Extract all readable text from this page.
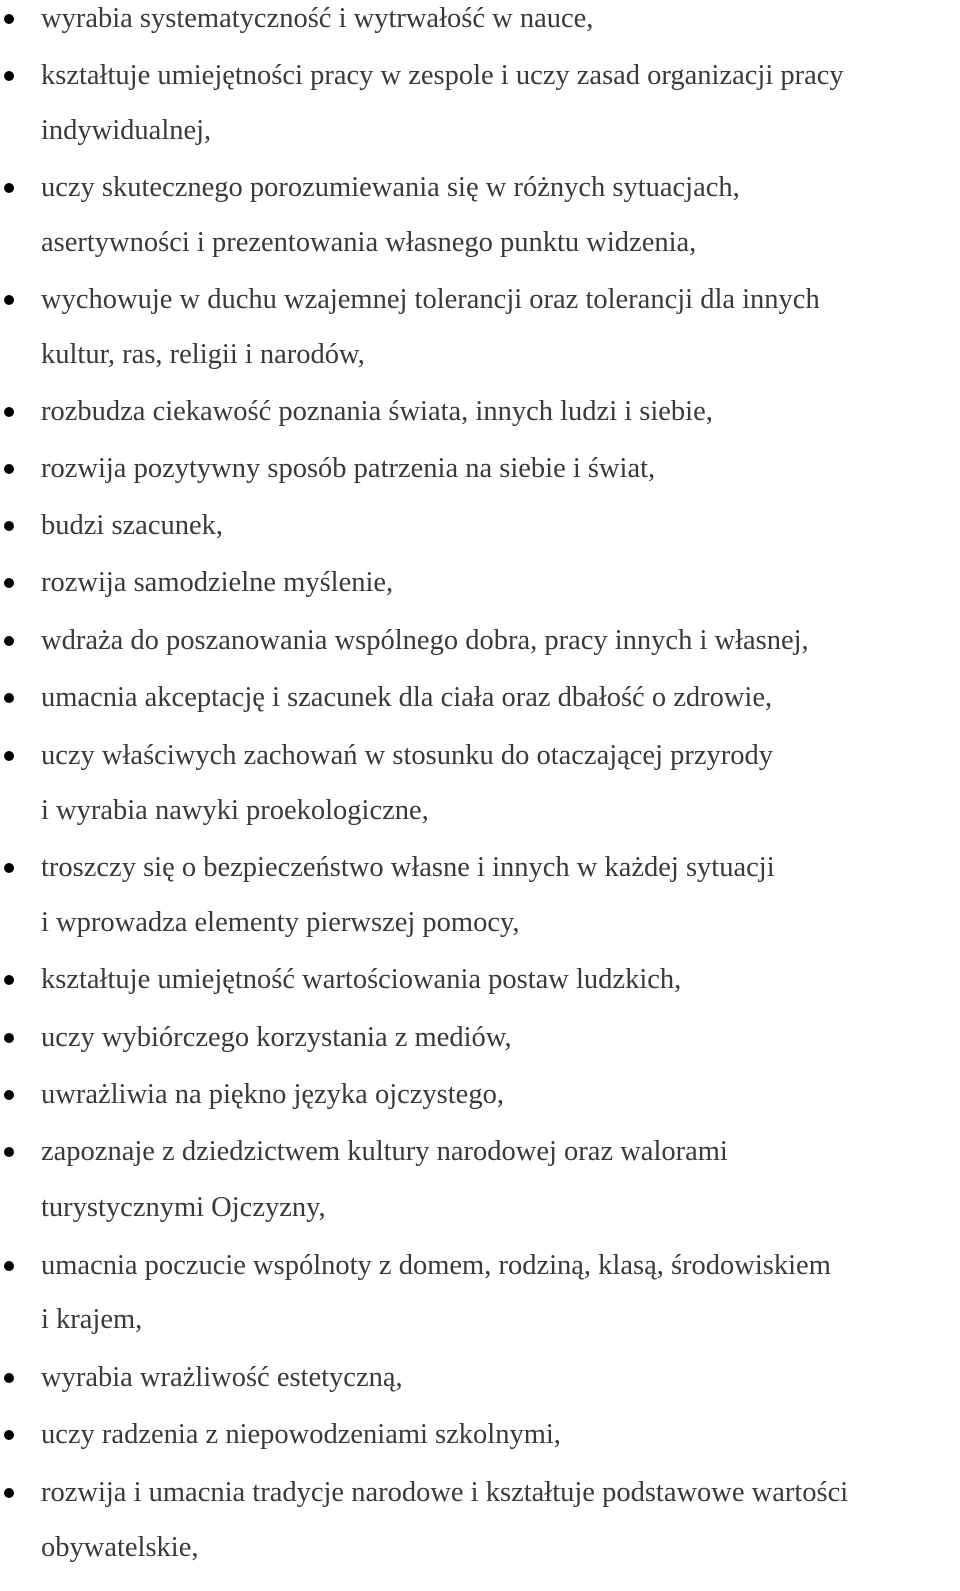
wyrabia systematyczność i wytrwałość w nauce,
kształtuje umiejętności pracy w zespole i uczy zasad organizacji pracy
indywidualnej,
uczy skutecznego porozumiewania się w różnych sytuacjach,
asertywności i prezentowania własnego punktu widzenia,
wychowuje w duchu wzajemnej tolerancji oraz tolerancji dla innych
kultur, ras, religii i narodów,
rozbudza ciekawość poznania świata, innych ludzi i siebie,
rozwija pozytywny sposób patrzenia na siebie i świat,
budzi szacunek,
rozwija samodzielne myślenie,
wdraża do poszanowania wspólnego dobra, pracy innych i własnej,
umacnia akceptację i szacunek dla ciała oraz dbałość o zdrowie,
uczy właściwych zachowań w stosunku do otaczającej przyrody
i wyrabia nawyki proekologiczne,
troszczy się o bezpieczeństwo własne i innych w każdej sytuacji
i wprowadza elementy pierwszej pomocy,
kształtuje umiejętność wartościowania postaw ludzkich,
uczy wybiórczego korzystania z mediów,
uwrażliwia na piękno języka ojczystego,
zapoznaje z dziedzictwem kultury narodowej oraz walorami
turystycznymi Ojczyzny,
umacnia poczucie wspólnoty z domem, rodziną, klasą, środowiskiem
i krajem,
wyrabia wrażliwość estetyczną,
uczy radzenia z niepowodzeniami szkolnymi,
rozwija i umacnia tradycje narodowe i kształtuje podstawowe wartości
obywatelskie,
